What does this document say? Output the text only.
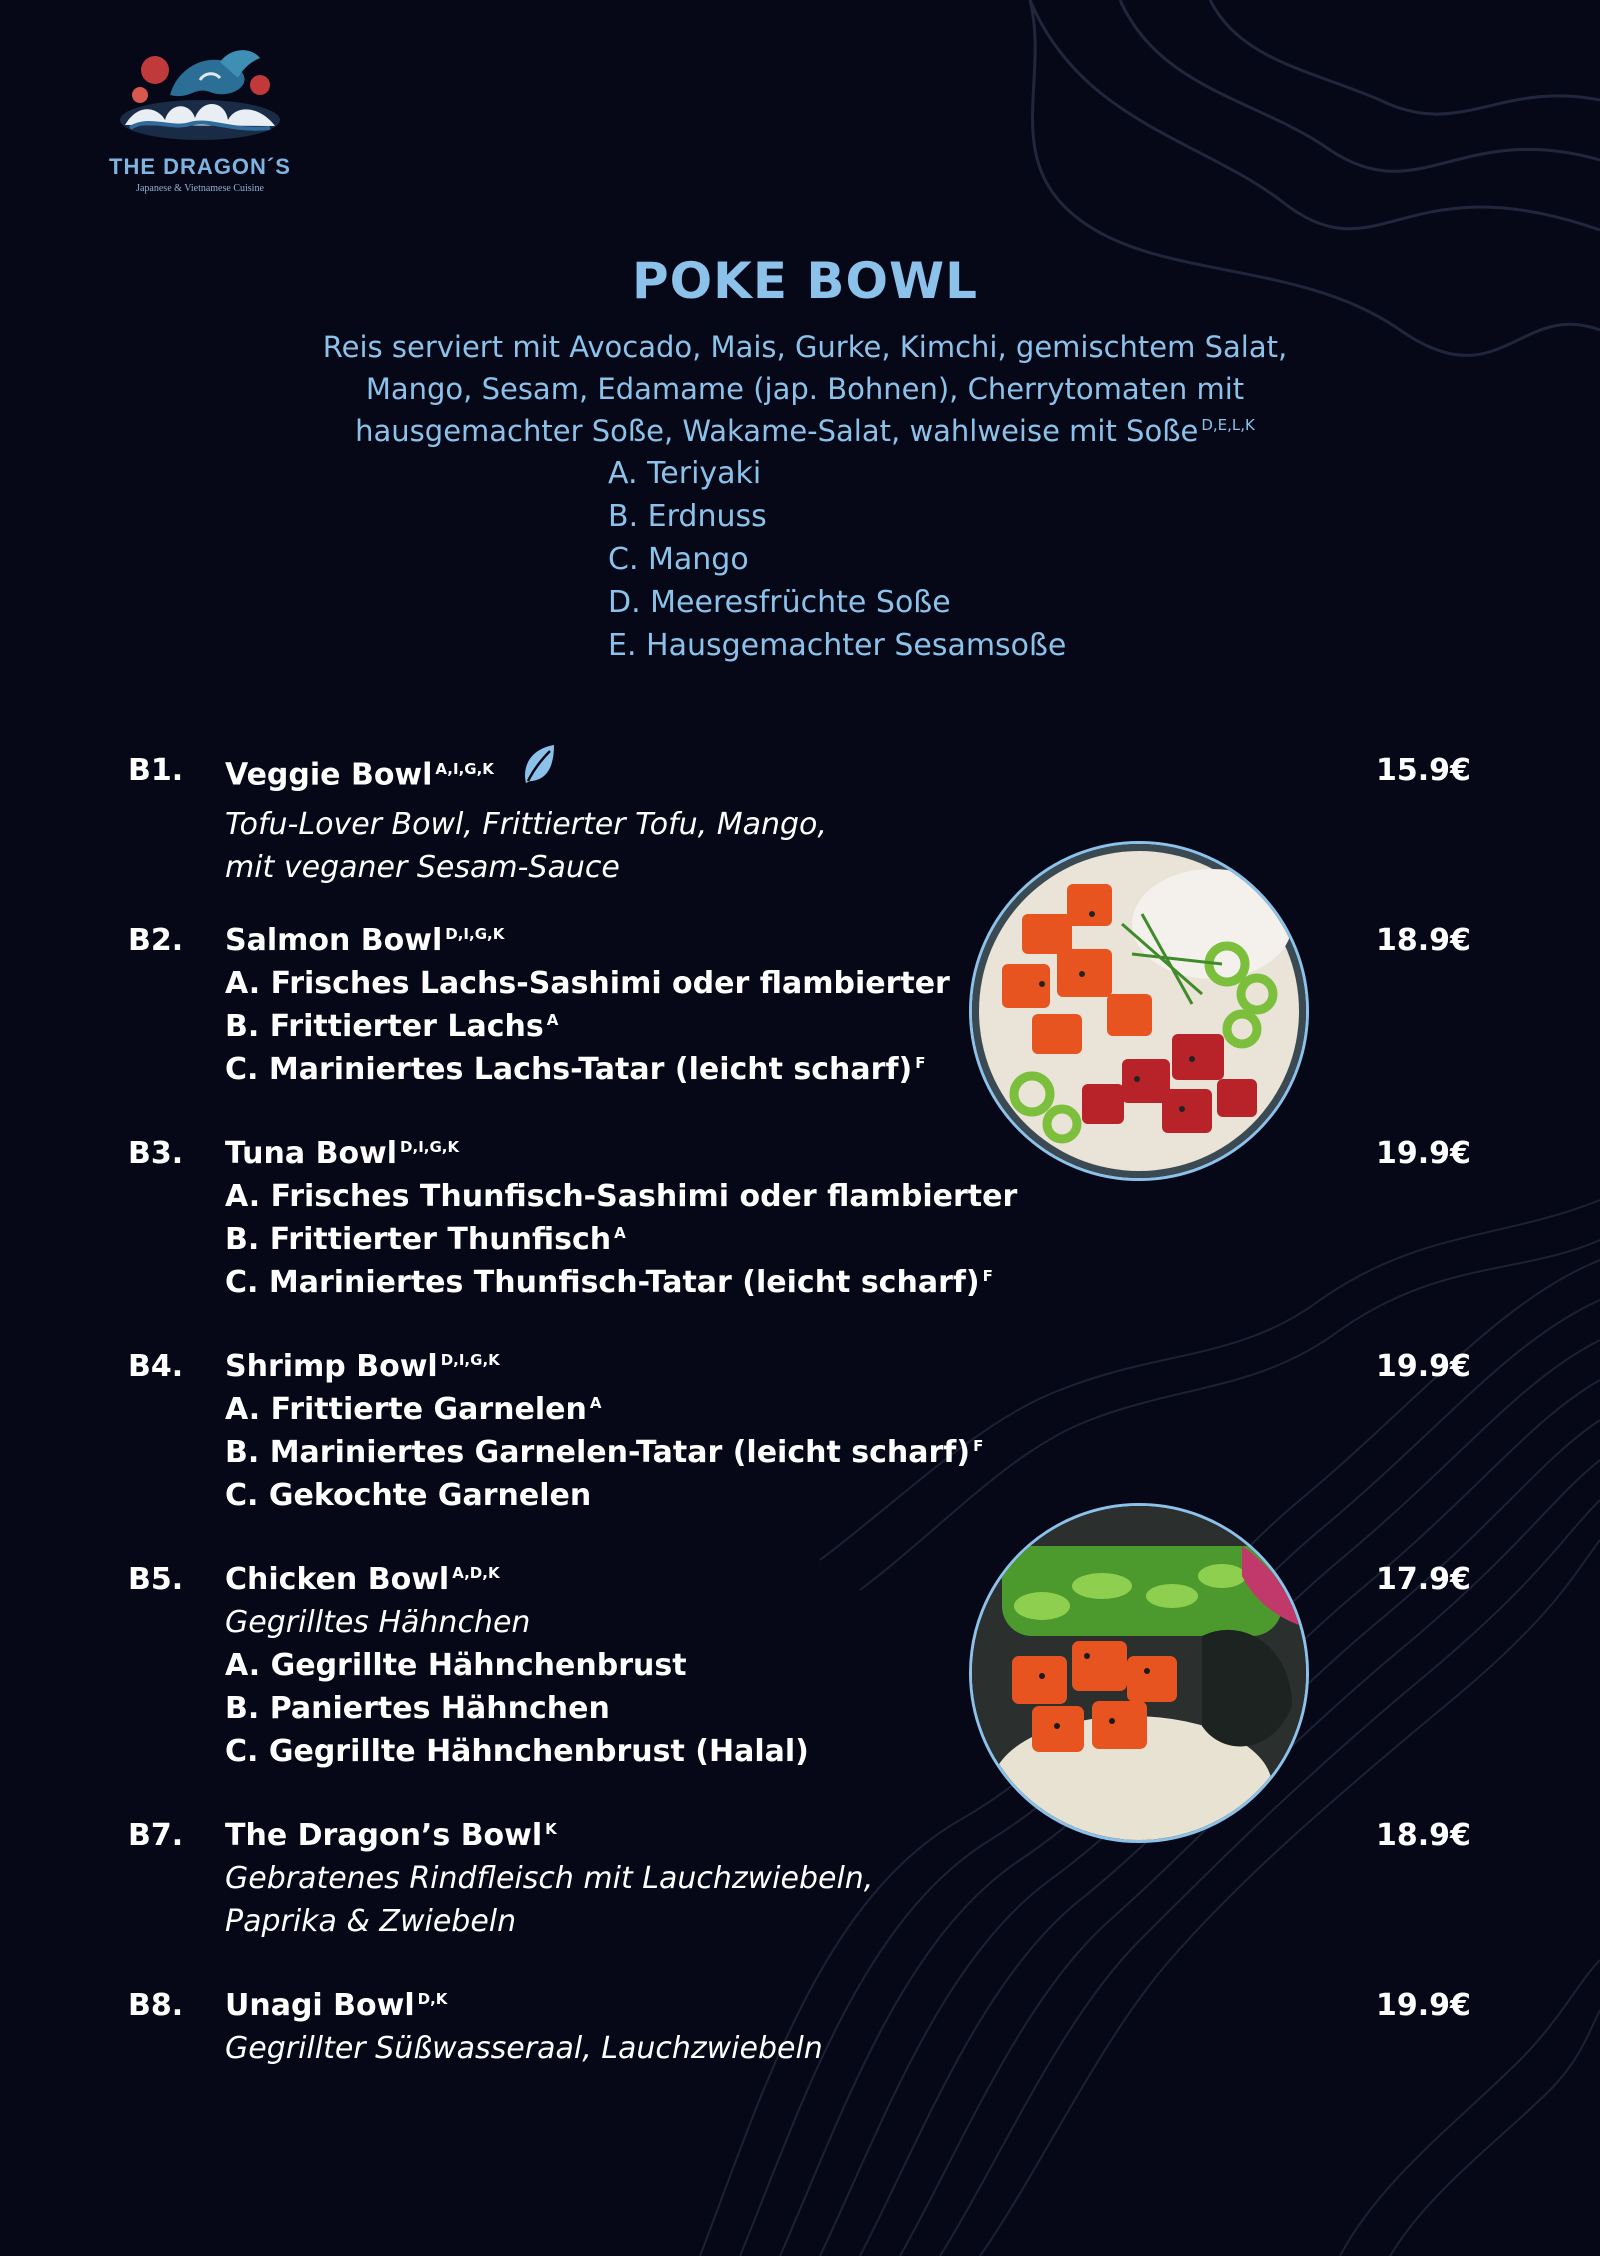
THE DRAGON´S
Japanese & Vietnamese Cuisine
POKE BOWL
Reis serviert mit Avocado, Mais, Gurke, Kimchi, gemischtem Salat,
Mango, Sesam, Edamame (jap. Bohnen), Cherrytomaten mit
hausgemachter Soße, Wakame-Salat, wahlweise mit Soße $^{D,E,L,K}$
A. Teriyaki
B. Erdnuss
C. Mango
D. Meeresfrüchte Soße
E. Hausgemachter Sesamsoße
B1. Veggie Bowl $^{A,I,G,K}$
Tofu-Lover Bowl, Frittierter Tofu, Mango,
mit veganer Sesam-Sauce
15.9€
B2. Salmon Bowl $^{D,I,G,K}$
A. Frisches Lachs-Sashimi oder flambierter
B. Frittierter Lachs $^A$
C. Mariniertes Lachs-Tatar (leicht scharf) $^F$
18.9€
B3. Tuna Bowl $^{D,I,G,K}$
A. Frisches Thunfisch-Sashimi oder flambierter
B. Frittierter Thunfisch $^A$
C. Mariniertes Thunfisch-Tatar (leicht scharf) $^F$
19.9€
B4. Shrimp Bowl $^{D,I,G,K}$
A. Frittierte Garnelen $^A$
B. Mariniertes Garnelen-Tatar (leicht scharf) $^F$
C. Gekochte Garnelen
19.9€
B5. Chicken Bowl $^{A,D,K}$
Gegrilltes Hähnchen
A. Gegrillte Hähnchenbrust
B. Paniertes Hähnchen
C. Gegrillte Hähnchenbrust (Halal)
17.9€
B7. The Dragon’s Bowl $^K$
Gebratenes Rindfleisch mit Lauchzwiebeln,
Paprika & Zwiebeln
18.9€
B8. Unagi Bowl $^{D,K}$
Gegrillter Süßwasseraal, Lauchzwiebeln
19.9€
